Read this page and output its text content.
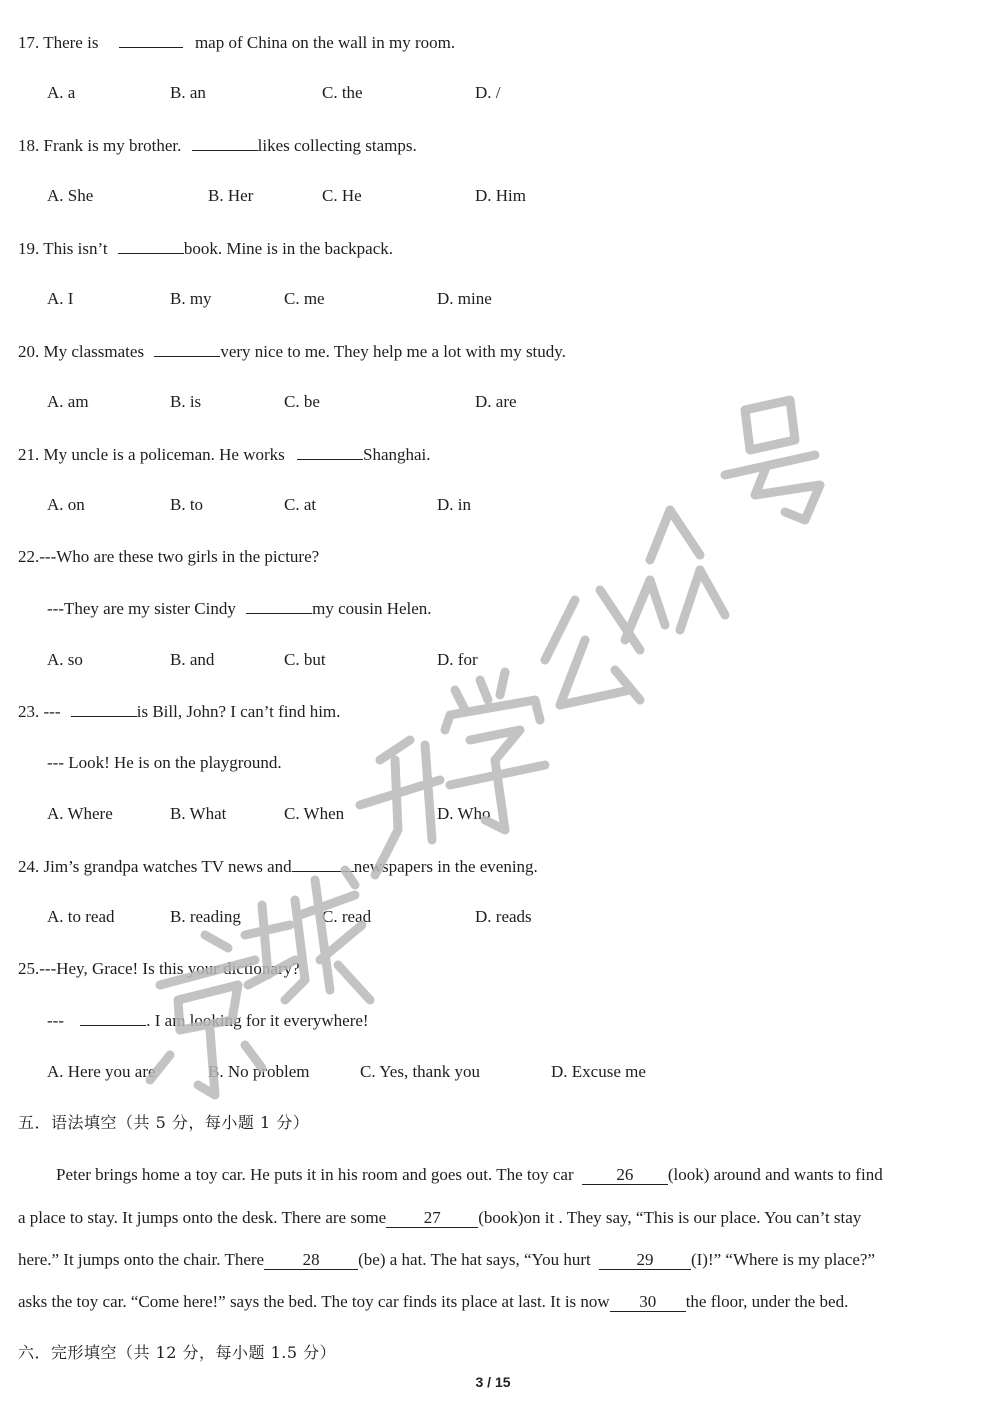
17. There is	map of China on the wall in my room.
A. a	B. an	C. the	D. /
18. Frank is my brother.	likes collecting stamps.
A. She	B. Her	C. He	D. Him
19. This isn’t	book. Mine is in the backpack.
A. I	B. my	C. me	D. mine
20. My classmates	very nice to me. They help me a lot with my study.
A. am	B. is	C. be	D. are
21. My uncle is a policeman. He works	Shanghai.
A. on	B. to	C. at	D. in
22.---Who are these two girls in the picture?
---They are my sister Cindy	my cousin Helen.
A. so	B. and	C. but	D. for
23. ---	is Bill, John? I can’t find him.
--- Look! He is on the playground.
A. Where	B. What	C. When	D. Who
24. Jim’s grandpa watches TV news and	newspapers in the evening.
A. to read	B. reading	C. read	D. reads
25.---Hey, Grace! Is this your dictionary?
---	. I am looking for it everywhere!
A. Here you are	B. No problem	C. Yes, thank you	D. Excuse me
五．语法填空（共 5 分，每小题 1 分）
Peter brings home a toy car. He puts it in his room and goes out. The toy car	26 (look) around and wants to find
a place to stay. It jumps onto the desk. There are some 27 (book)on it . They say, “This is our place. You can’t stay
here.” It jumps onto the chair. There 28 (be) a hat. The hat says, “You hurt	29 (I)!” “Where is my place?”
asks the toy car. “Come here!” says the bed. The toy car finds its place at last. It is now 30 the floor, under the bed.
六．完形填空（共 12 分，每小题 1.5 分）
3 / 15
